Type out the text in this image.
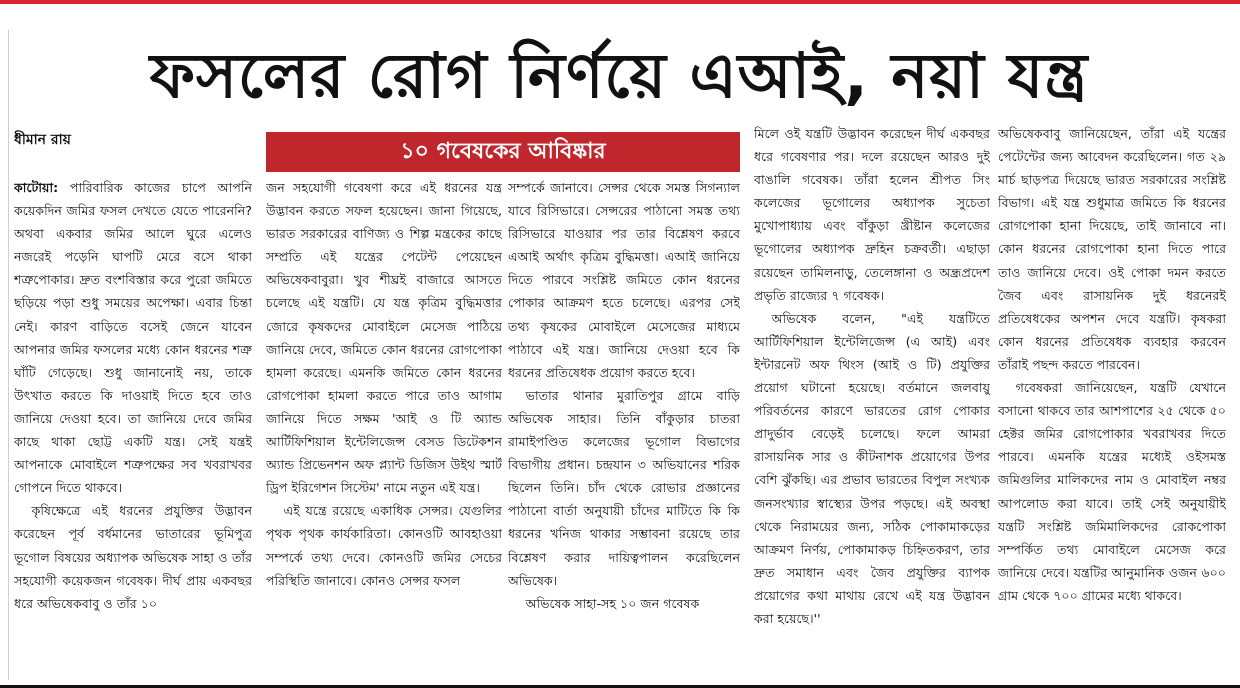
ফসলের রোগ নির্ণয়ে এআই, নয়া যন্ত্র
ধীমান রায়	১০ গবেষকের আবিষ্কার

কাটোয়া: পারিবারিক কাজের চাপে আপনি কয়েকদিন জমির ফসল দেখতে যেতে পারেননি? অথবা একবার জমির আলে ঘুরে এলেও নজরেই পড়েনি ঘাপটি মেরে বসে থাকা শত্রুপোকার। দ্রুত বংশবিস্তার করে পুরো জমিতে ছড়িয়ে পড়া শুধু সময়ের অপেক্ষা। এবার চিন্তা নেই। কারণ বাড়িতে বসেই জেনে যাবেন আপনার জমির ফসলের মধ্যে কোন ধরনের শত্রু ঘাঁটি গেড়েছে। শুধু জানানোই নয়, তাকে উৎখাত করতে কি দাওয়াই দিতে হবে তাও জানিয়ে দেওয়া হবে। তা জানিয়ে দেবে জমির কাছে থাকা ছোট্ট একটি যন্ত্র। সেই যন্ত্রই আপনাকে মোবাইলে শত্রুপক্ষের সব খবরাখবর গোপনে দিতে থাকবে।

কৃষিক্ষেত্রে এই ধরনের প্রযুক্তির উদ্ভাবন করেছেন পূর্ব বর্ধমানের ভাতারের ভূমিপুত্র ভূগোল বিষয়ের অধ্যাপক অভিষেক সাহা ও তাঁর সহযোগী কয়েকজন গবেষক। দীর্ঘ প্রায় একবছর ধরে অভিষেকবাবু ও তাঁর ১০

জন সহযোগী গবেষণা করে এই ধরনের যন্ত্র উদ্ভাবন করতে সফল হয়েছেন। জানা গিয়েছে, ভারত সরকারের বাণিজ্য ও শিল্প মন্ত্রকের কাছে সম্প্রতি এই যন্ত্রের পেটেন্ট পেয়েছেন অভিষেকবাবুরা। খুব শীঘ্রই বাজারে আসতে চলেছে এই যন্ত্রটি। যে যন্ত্র কৃত্রিম বুদ্ধিমত্তার জোরে কৃষকদের মোবাইলে মেসেজ পাঠিয়ে জানিয়ে দেবে, জমিতে কোন ধরনের রোগপোকা হামলা করেছে। এমনকি জমিতে কোন ধরনের রোগপোকা হামলা করতে পারে তাও আগাম জানিয়ে দিতে সক্ষম 'আই ও টি অ্যান্ড আর্টিফিশিয়াল ইন্টেলিজেন্স বেসড ডিটেকশন অ্যান্ড প্রিভেনশন অফ প্ল্যান্ট ডিজিস উইথ স্মার্ট ড্রিপ ইরিগেশন সিস্টেম' নামে নতুন এই যন্ত্র।

এই যন্ত্রে রয়েছে একাধিক সেন্সর। যেগুলির পৃথক পৃথক কার্যকারিতা। কোনওটি আবহাওয়া সম্পর্কে তথ্য দেবে। কোনওটি জমির সেচের পরিস্থিতি জানাবে। কোনও সেন্সর ফসল

সম্পর্কে জানাবে। সেন্সর থেকে সমস্ত সিগন্যাল যাবে রিসিভারে। সেন্সরের পাঠানো সমস্ত তথ্য রিসিভারে যাওয়ার পর তার বিশ্লেষণ করবে এআই অর্থাৎ কৃত্রিম বুদ্ধিমত্তা। এআই জানিয়ে দিতে পারবে সংশ্লিষ্ট জমিতে কোন ধরনের পোকার আক্রমণ হতে চলেছে। এরপর সেই তথ্য কৃষকের মোবাইলে মেসেজের মাধ্যমে পাঠাবে এই যন্ত্র। জানিয়ে দেওয়া হবে কি ধরনের প্রতিষেধক প্রয়োগ করতে হবে।

ভাতার থানার মুরাতিপুর গ্রামে বাড়ি অভিষেক সাহার। তিনি বাঁকুড়ার চাতরা রামাইপণ্ডিত কলেজের ভূগোল বিভাগের বিভাগীয় প্রধান। চন্দ্রযান ৩ অভিযানের শরিক ছিলেন তিনি। চাঁদ থেকে রোভার প্রজ্ঞানের পাঠানো বার্তা অনুযায়ী চাঁদের মাটিতে কি কি ধরনের খনিজ থাকার সম্ভাবনা রয়েছে তার বিশ্লেষণ করার দায়িত্বপালন করেছিলেন অভিষেক।

অভিষেক সাহা-সহ ১০ জন গবেষক

মিলে ওই যন্ত্রটি উদ্ভাবন করেছেন দীর্ঘ একবছর ধরে গবেষণার পর। দলে রয়েছেন আরও দুই বাঙালি গবেষক। তাঁরা হলেন শ্রীপত সিং কলেজের ভূগোলের অধ্যাপক সুচেতা মুখোপাধ্যায় এবং বাঁকুড়া খ্রীষ্টান কলেজের ভূগোলের অধ্যাপক দ্রুহিন চক্রবর্তী। এছাড়া রয়েছেন তামিলনাড়ু, তেলেঙ্গানা ও অন্ধ্রপ্রদেশ প্রভৃতি রাজ্যের ৭ গবেষক।

অভিষেক বলেন, "এই যন্ত্রটিতে আর্টিফিশিয়াল ইন্টেলিজেন্স (এ আই) এবং ইন্টারনেট অফ থিংস (আই ও টি) প্রযুক্তির প্রয়োগ ঘটানো হয়েছে। বর্তমানে জলবায়ু পরিবর্তনের কারণে ভারতের রোগ পোকার প্রাদুর্ভাব বেড়েই চলেছে। ফলে আমরা রাসায়নিক সার ও কীটনাশক প্রয়োগের উপর বেশি ঝুঁকছি। এর প্রভাব ভারতের বিপুল সংখ্যক জনসংখ্যার স্বাস্থ্যের উপর পড়ছে। এই অবস্থা থেকে নিরাময়ের জন্য, সঠিক পোকামাকড়ের আক্রমণ নির্ণয়, পোকামাকড় চিহ্নিতকরণ, তার দ্রুত সমাধান এবং জৈব প্রযুক্তির ব্যাপক প্রয়োগের কথা মাথায় রেখে এই যন্ত্র উদ্ভাবন করা হয়েছে।''

অভিষেকবাবু জানিয়েছেন, তাঁরা এই যন্ত্রের পেটেন্টের জন্য আবেদন করেছিলেন। গত ২৯ মার্চ ছাড়পত্র দিয়েছে ভারত সরকারের সংশ্লিষ্ট বিভাগ। এই যন্ত্র শুধুমাত্র জমিতে কি ধরনের রোগপোকা হানা দিয়েছে, তাই জানাবে না। কোন ধরনের রোগপোকা হানা দিতে পারে তাও জানিয়ে দেবে। ওই পোকা দমন করতে জৈব এবং রাসায়নিক দুই ধরনেরই প্রতিষেধকের অপশন দেবে যন্ত্রটি। কৃষকরা কোন ধরনের প্রতিষেধক ব্যবহার করবেন তাঁরাই পছন্দ করতে পারবেন।

গবেষকরা জানিয়েছেন, যন্ত্রটি যেখানে বসানো থাকবে তার আশপাশের ২৫ থেকে ৫০ হেক্টর জমির রোগপোকার খবরাখবর দিতে পারবে। এমনকি যন্ত্রের মধ্যেই ওইসমস্ত জমিগুলির মালিকদের নাম ও মোবাইল নম্বর আপলোড করা যাবে। তাই সেই অনুযায়ীই যন্ত্রটি সংশ্লিষ্ট জমিমালিকদের রোকপোকা সম্পর্কিত তথ্য মোবাইলে মেসেজ করে জানিয়ে দেবে। যন্ত্রটির আনুমানিক ওজন ৬০০ গ্রাম থেকে ৭০০ গ্রামের মধ্যে থাকবে।
